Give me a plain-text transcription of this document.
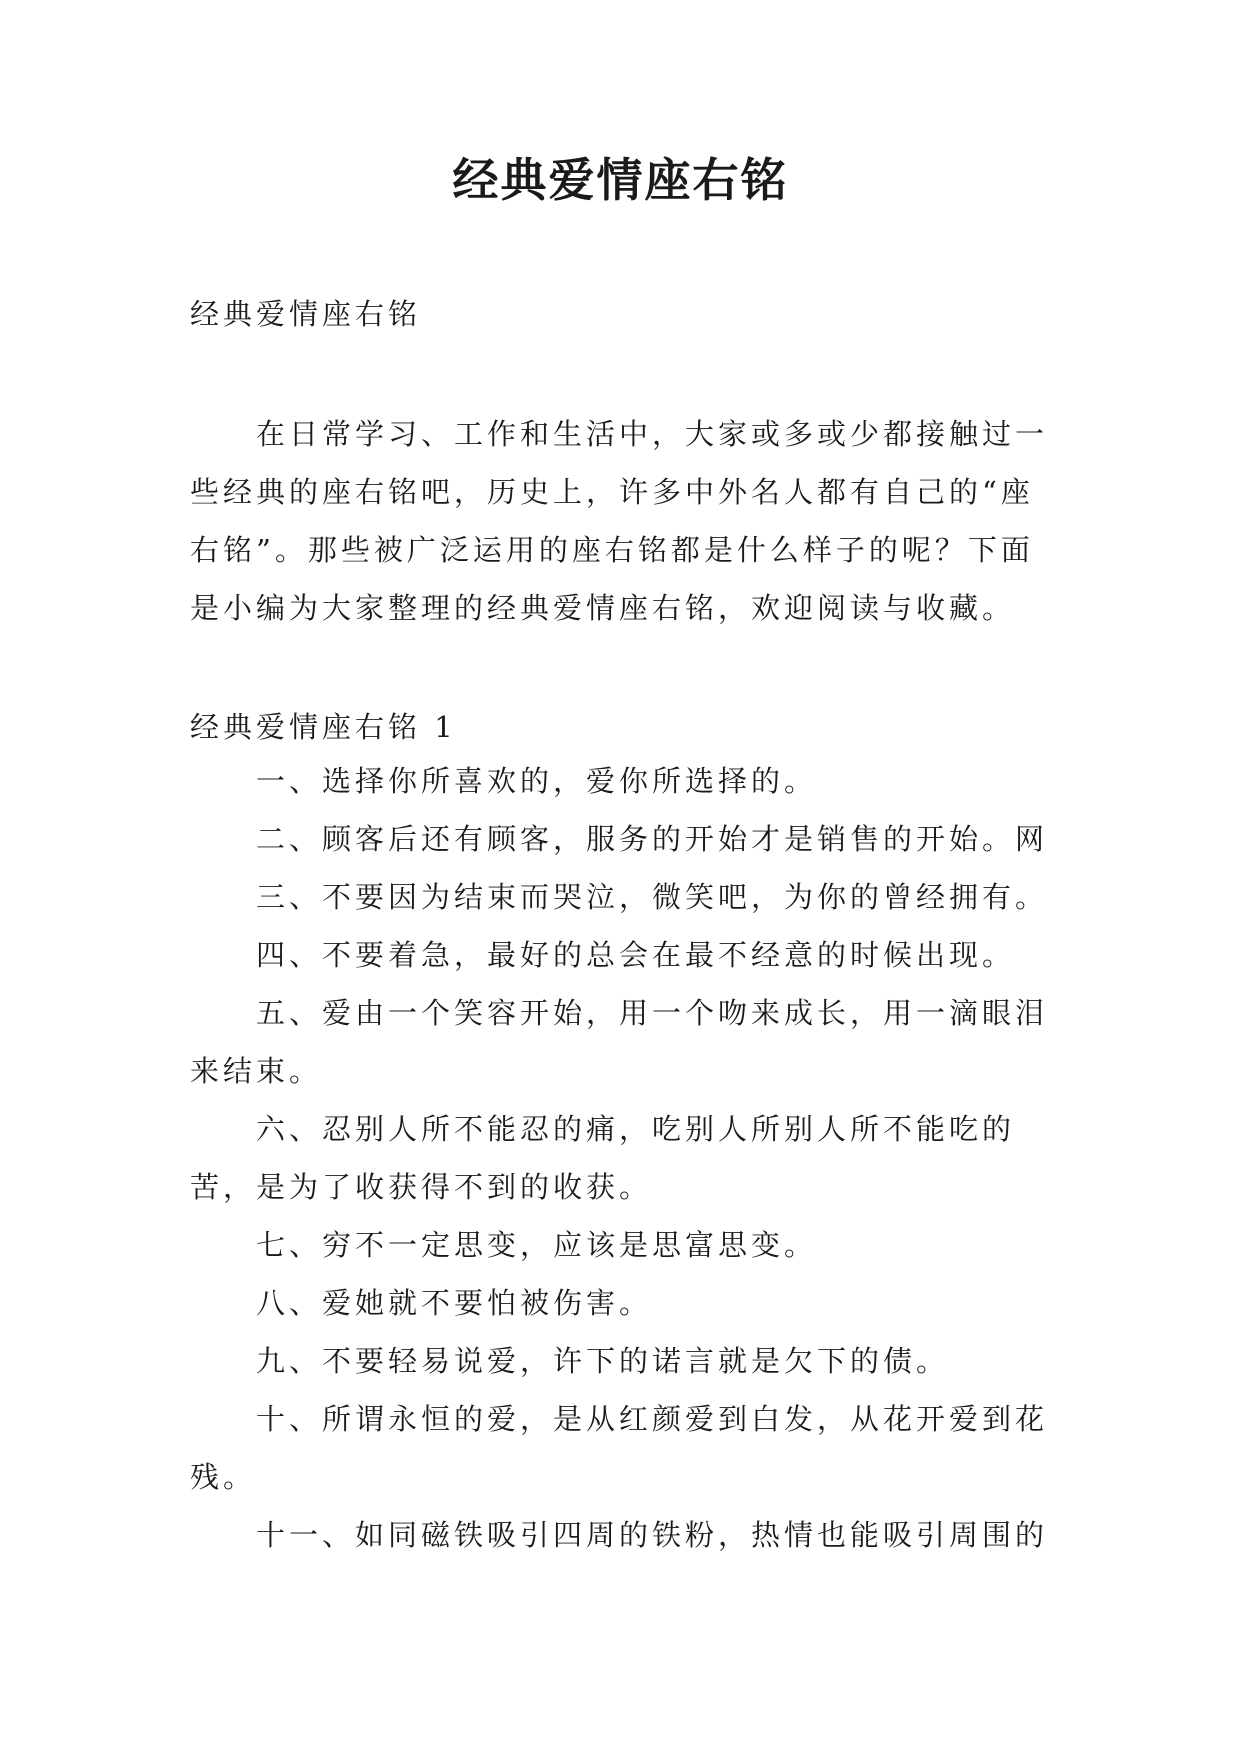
经典爱情座右铭

经典爱情座右铭

在日常学习、工作和生活中，大家或多或少都接触过一些经典的座右铭吧，历史上，许多中外名人都有自己的“座右铭”。那些被广泛运用的座右铭都是什么样子的呢？下面是小编为大家整理的经典爱情座右铭，欢迎阅读与收藏。

经典爱情座右铭 1

一、选择你所喜欢的，爱你所选择的。

二、顾客后还有顾客，服务的开始才是销售的开始。网

三、不要因为结束而哭泣，微笑吧，为你的曾经拥有。

四、不要着急，最好的总会在最不经意的时候出现。

五、爱由一个笑容开始，用一个吻来成长，用一滴眼泪来结束。

六、忍别人所不能忍的痛，吃别人所别人所不能吃的苦，是为了收获得不到的收获。

七、穷不一定思变，应该是思富思变。

八、爱她就不要怕被伤害。

九、不要轻易说爱，许下的诺言就是欠下的债。

十、所谓永恒的爱，是从红颜爱到白发，从花开爱到花残。

十一、如同磁铁吸引四周的铁粉，热情也能吸引周围的
